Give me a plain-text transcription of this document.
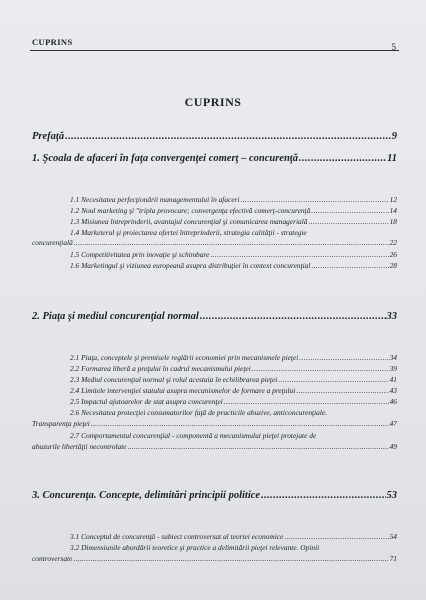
CUPRINS	5
CUPRINS
Prefaţă .....	9
1. Şcoala de afaceri în faţa convergenţei comerţ – concurenţă .....	11
1.1 Necesitatea perfecţionării managementului în afaceri .....	12
1.2 Noul marketing şi "tripla provocare; convergenţa efectivă comerţ-concurenţă .....	14
1.3 Misiunea întreprinderii, avantajul concurenţial şi comunicarea managerială .....	18
1.4 Marketerul şi proiectarea ofertei întreprinderii, strategia calităţii - strategie
concurenţială .....	22
1.5 Competitivitatea prin inovaţie şi schimbare .....	26
1.6 Marketingul şi viziunea europeană asupra distribuţiei în context concurenţial .....	28
2. Piaţa şi mediul concurenţial normal .....	33
2.1 Piaţa, conceptele şi premisele reglării economiei prin mecanismele pieţei .....	34
2.2 Formarea liberă a preţului în cadrul mecanismului pieţei .....	39
2.3 Mediul concurenţial normal şi rolul acestuia în echilibrarea pieţei .....	41
2.4 Limitele intervenţiei statului asupra mecanismelor de formare a preţului .....	43
2.5 Impactul ajutoarelor de stat asupra concurenţei .....	46
2.6 Necesitatea protecţiei consumatorilor faţă de practicile abuzive, anticoncurenţiale.
Transparenţa pieţei .....	47
2.7 Comportamentul concurenţial - componentă a mecanismului pieţei protejate de
abuzurile libertăţii necontrolate .....	49
3. Concurenţa. Concepte, delimitări principii politice .....	53
3.1 Conceptul de concurenţă - subiect controversat al teoriei economice .....	54
3.2 Dimensiunile abordării teoretice şi practice a delimitării pieţei relevante. Opinii
controversate .....	71
